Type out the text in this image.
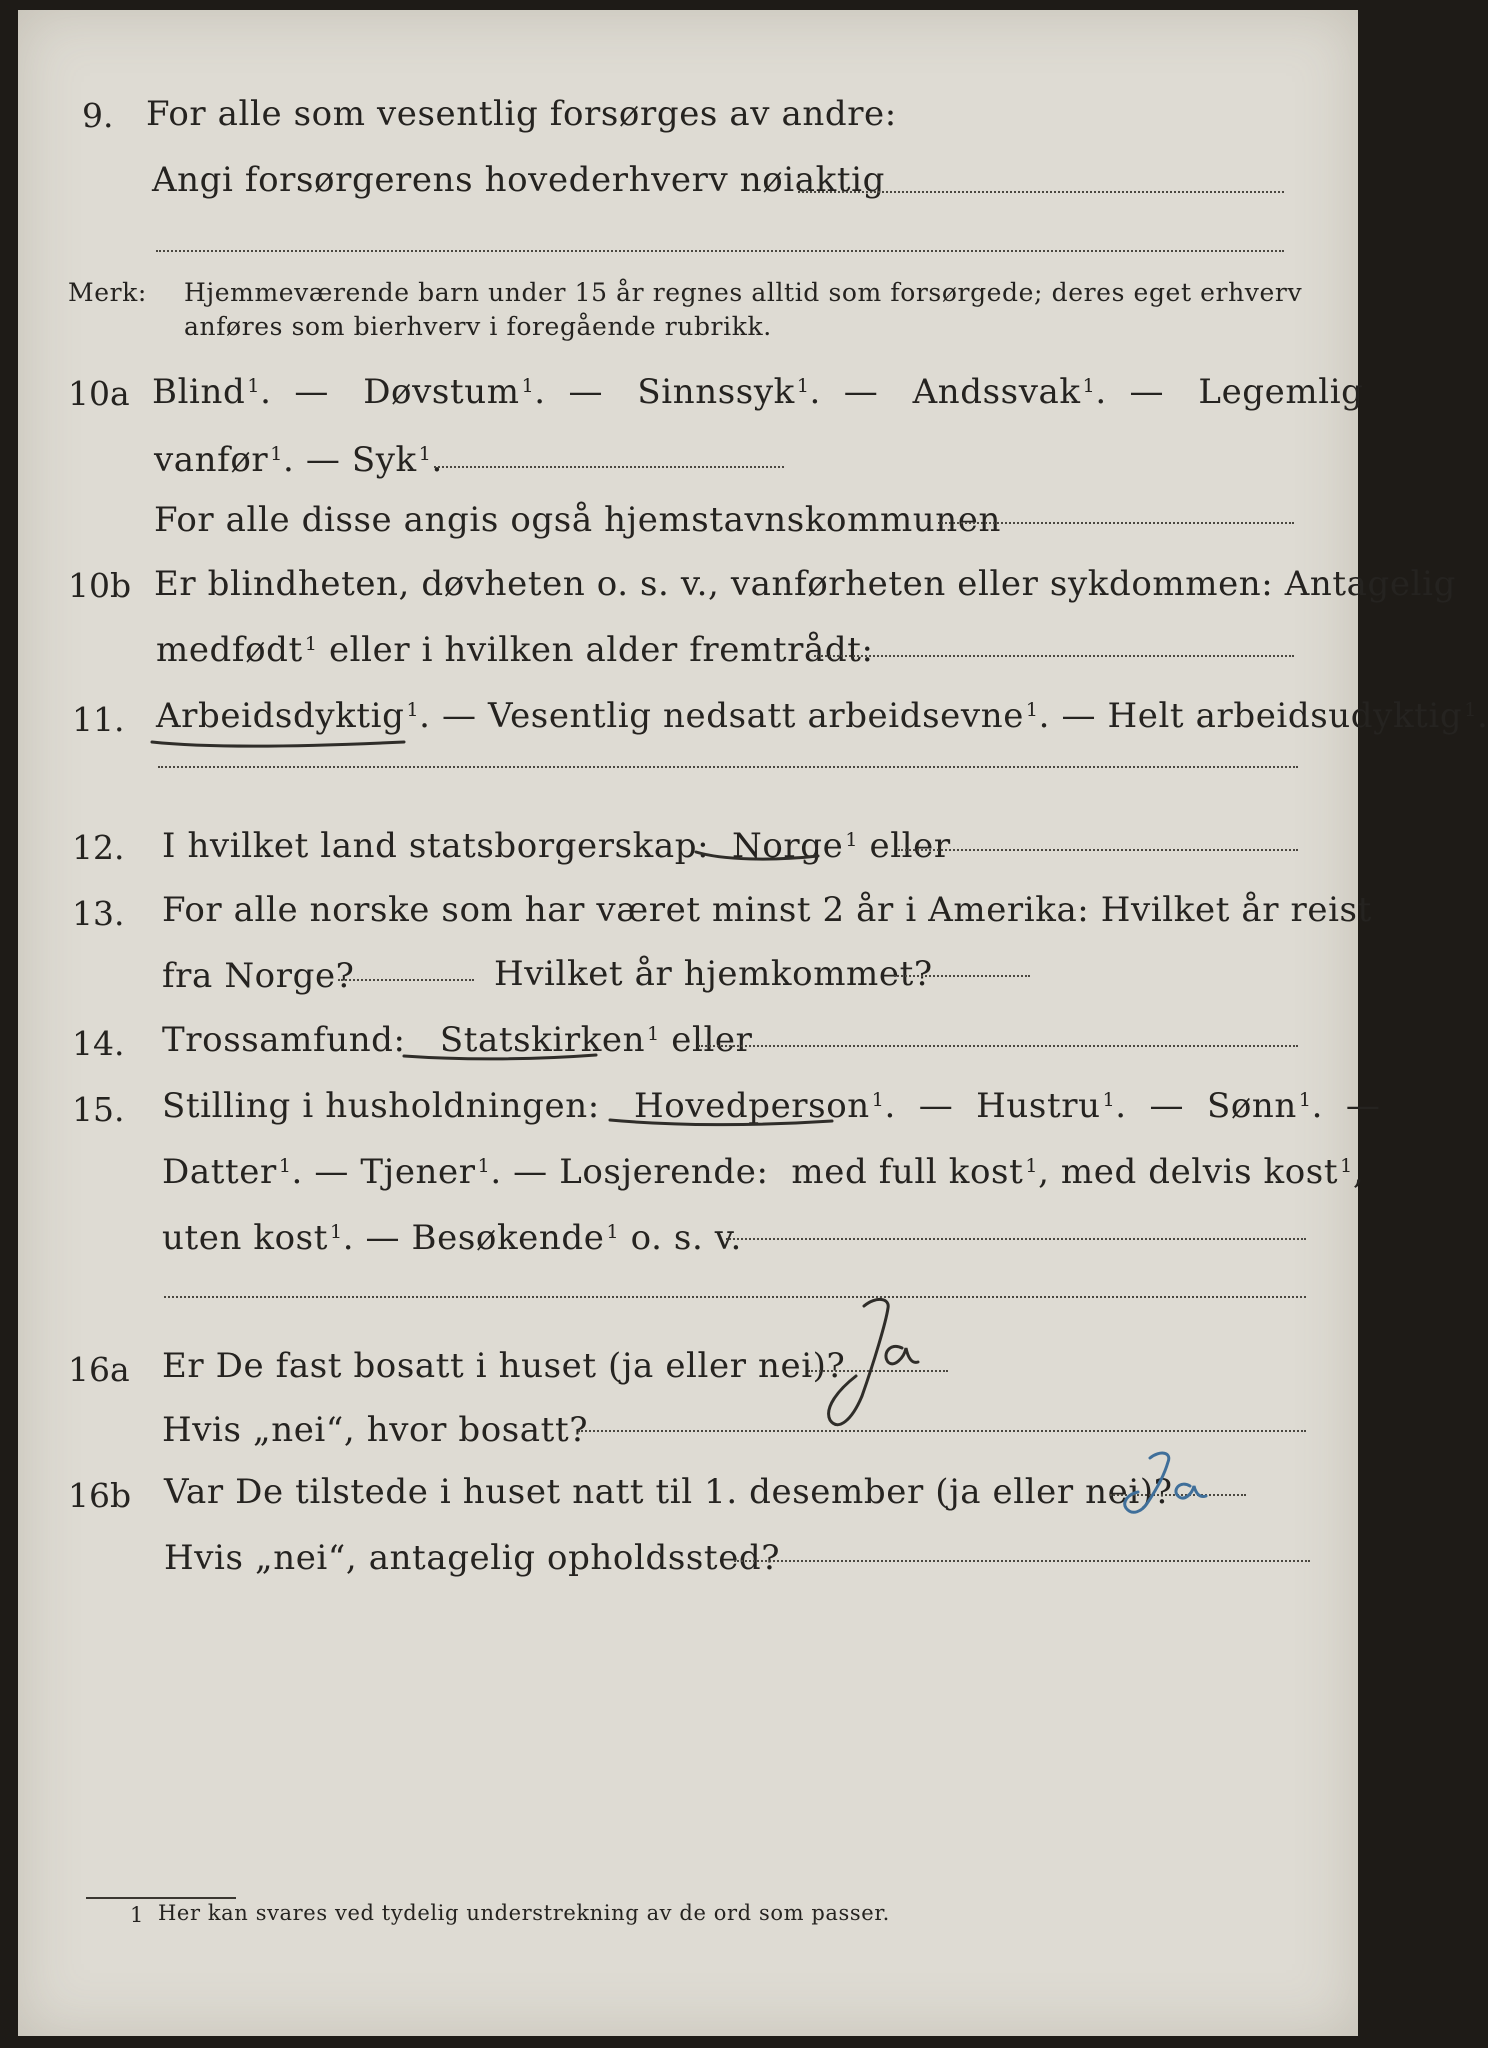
9. For alle som vesentlig forsørges av andre:
Angi forsørgerens hovederhverv nøiaktig
Merk: Hjemmeværende barn under 15 år regnes alltid som forsørgede; deres eget erhverv
anføres som bierhverv i foregående rubrikk.
10a Blind $^1$.  — Døvstum $^1$.  — Sinnssyk $^1$.  — Andssvak $^1$.  — Legemlig
vanfør $^1$. — Syk $^1$.
For alle disse angis også hjemstavnskommunen
10b Er blindheten, døvheten o. s. v., vanførheten eller sykdommen: Antagelig
medfødt $^1$ eller i hvilken alder fremtrådt:
11. Arbeidsdyktig $^1$. — Vesentlig nedsatt arbeidsevne $^1$. — Helt arbeidsudyktig $^1$.
12. I hvilket land statsborgerskap: Norge $^1$ eller
13. For alle norske som har været minst 2 år i Amerika: Hvilket år reist
fra Norge?	Hvilket år hjemkommet?
14. Trossamfund: Statskirken $^1$ eller
15. Stilling i husholdningen: Hovedperson $^1$.  — Hustru $^1$.  — Sønn $^1$.  —
Datter $^1$. — Tjener $^1$. — Losjerende: med full kost $^1$, med delvis kost $^1$,
uten kost $^1$. — Besøkende $^1$ o. s. v.
16a Er De fast bosatt i huset (ja eller nei)?
Ja
Hvis „nei“, hvor bosatt?
16b Var De tilstede i huset natt til 1. desember (ja eller nei)?
Ja
Hvis „nei“, antagelig opholdssted?
1 Her kan svares ved tydelig understrekning av de ord som passer.
